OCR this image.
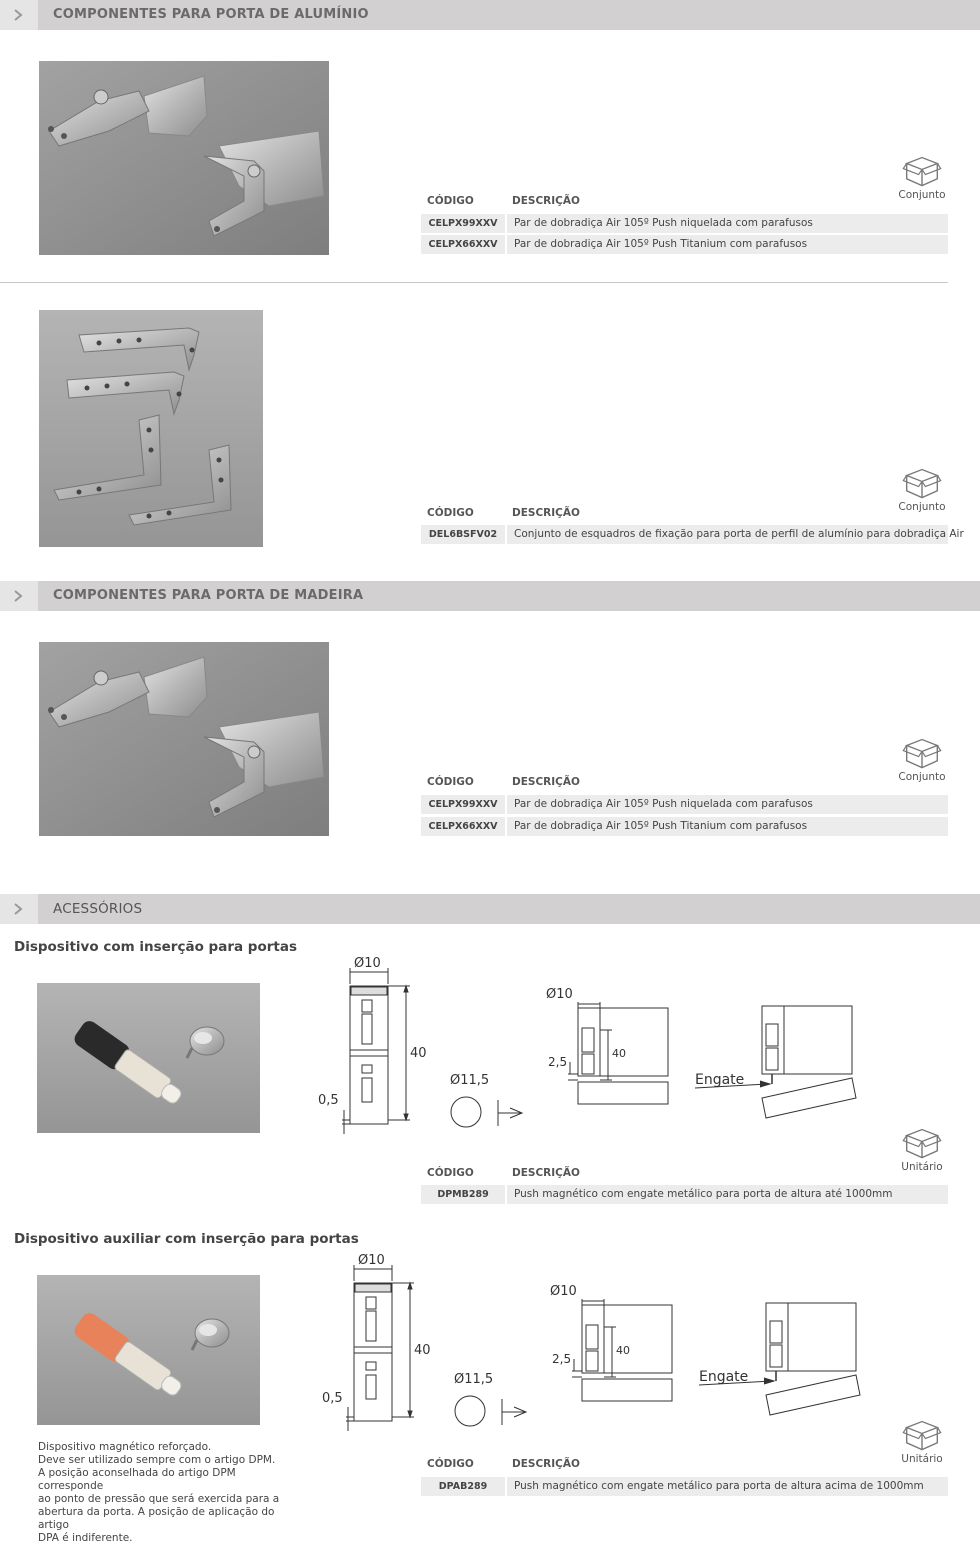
COMPONENTES PARA PORTA DE ALUMÍNIO
Conjunto
CÓDIGO	DESCRIÇÃO
CELPX99XXV	Par de dobradiça Air 105º Push niquelada com parafusos
CELPX66XXV	Par de dobradiça Air 105º Push Titanium com parafusos
Conjunto
CÓDIGO	DESCRIÇÃO
DEL6BSFV02	Conjunto de esquadros de fixação para porta de perfil de alumínio para dobradiça Air
COMPONENTES PARA PORTA DE MADEIRA
Conjunto
CÓDIGO	DESCRIÇÃO
CELPX99XXV	Par de dobradiça Air 105º Push niquelada com parafusos
CELPX66XXV	Par de dobradiça Air 105º Push Titanium com parafusos
ACESSÓRIOS
Dispositivo com inserção para portas
Ø10
40
0,5
Ø11,5
Ø10
40
2,5
Engate
Unitário
CÓDIGO	DESCRIÇÃO
DPMB289	Push magnético com engate metálico para porta de altura até 1000mm
Dispositivo auxiliar com inserção para portas
Ø10
40
0,5
Ø11,5
Ø10
40
2,5
Engate
Dispositivo magnético reforçado.
Deve ser utilizado sempre com o artigo DPM.
A posição aconselhada do artigo DPM corresponde
ao ponto de pressão que será exercida para a
abertura da porta. A posição de aplicação do artigo
DPA é indiferente.
Unitário
CÓDIGO	DESCRIÇÃO
DPAB289	Push magnético com engate metálico para porta de altura acima de 1000mm
